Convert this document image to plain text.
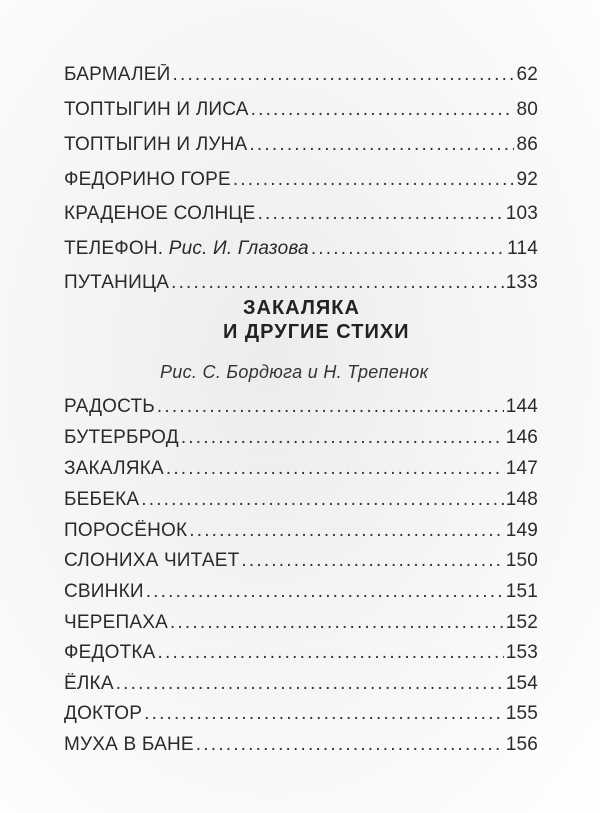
БАРМАЛЕЙ .....	62
ТОПТЫГИН И ЛИСА .....	80
ТОПТЫГИН И ЛУНА .....	86
ФЕДОРИНО ГОРЕ .....	92
КРАДЕНОЕ СОЛНЦЕ .....	103
ТЕЛЕФОН. Рис. И. Глазова .....	114
ПУТАНИЦА .....	133
ЗАКАЛЯКА
И ДРУГИЕ СТИХИ
Рис. С. Бордюга и Н. Трепенок
РАДОСТЬ .....	144
БУТЕРБРОД .....	146
ЗАКАЛЯКА .....	147
БЕБЕКА .....	148
ПОРОСЁНОК .....	149
СЛОНИХА ЧИТАЕТ .....	150
СВИНКИ .....	151
ЧЕРЕПАХА .....	152
ФЕДОТКА .....	153
ЁЛКА .....	154
ДОКТОР .....	155
МУХА В БАНЕ .....	156
